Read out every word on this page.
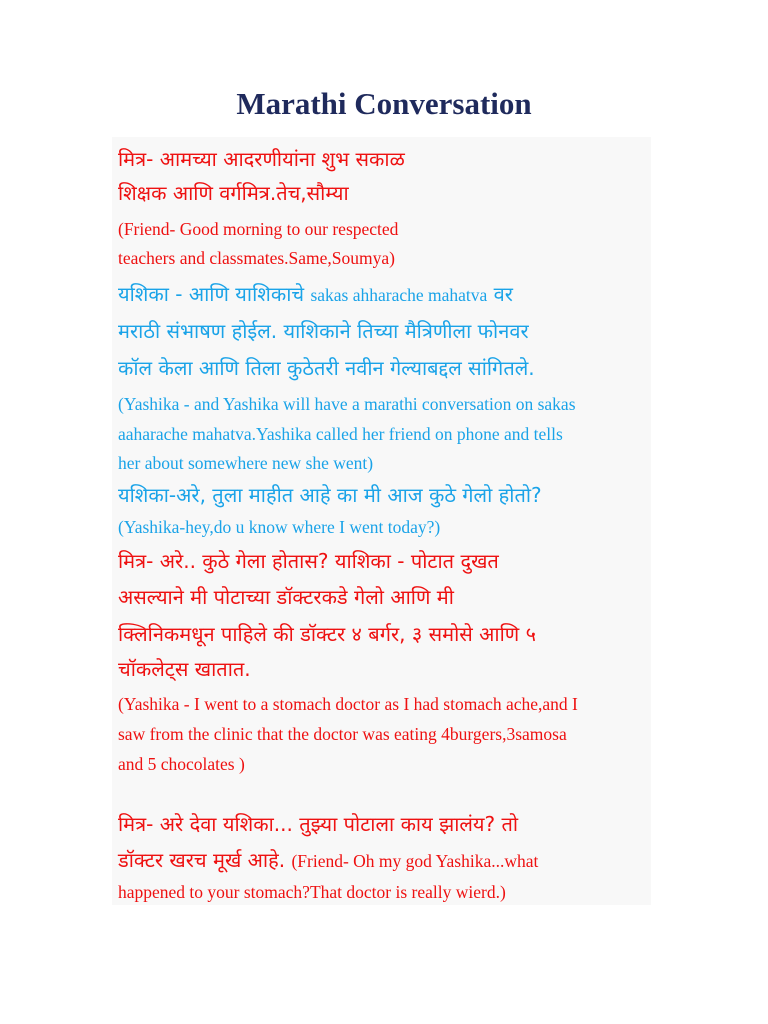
Marathi Conversation
मित्र- आमच्या आदरणीयांना शुभ सकाळ
शिक्षक आणि वर्गमित्र.तेच,सौम्या
(Friend- Good morning to our respected
teachers and classmates.Same,Soumya)
यशिका - आणि याशिकाचे sakas ahharache mahatva वर
मराठी संभाषण होईल. याशिकाने तिच्या मैत्रिणीला फोनवर
कॉल केला आणि तिला कुठेतरी नवीन गेल्याबद्दल सांगितले.
(Yashika - and Yashika will have a marathi conversation on sakas
aaharache mahatva.Yashika called her friend on phone and tells
her about somewhere new she went)
यशिका-अरे, तुला माहीत आहे का मी आज कुठे गेलो होतो?
(Yashika-hey,do u know where I went today?)
मित्र- अरे.. कुठे गेला होतास? याशिका - पोटात दुखत
असल्याने मी पोटाच्या डॉक्टरकडे गेलो आणि मी
क्लिनिकमधून पाहिले की डॉक्टर ४ बर्गर, ३ समोसे आणि ५
चॉकलेट्स खातात.
(Yashika - I went to a stomach doctor as I had stomach ache,and I
saw from the clinic that the doctor was eating 4burgers,3samosa
and 5 chocolates )
मित्र- अरे देवा यशिका... तुझ्या पोटाला काय झालंय? तो
डॉक्टर खरच मूर्ख आहे. (Friend- Oh my god Yashika...what
happened to your stomach?That doctor is really wierd.)
